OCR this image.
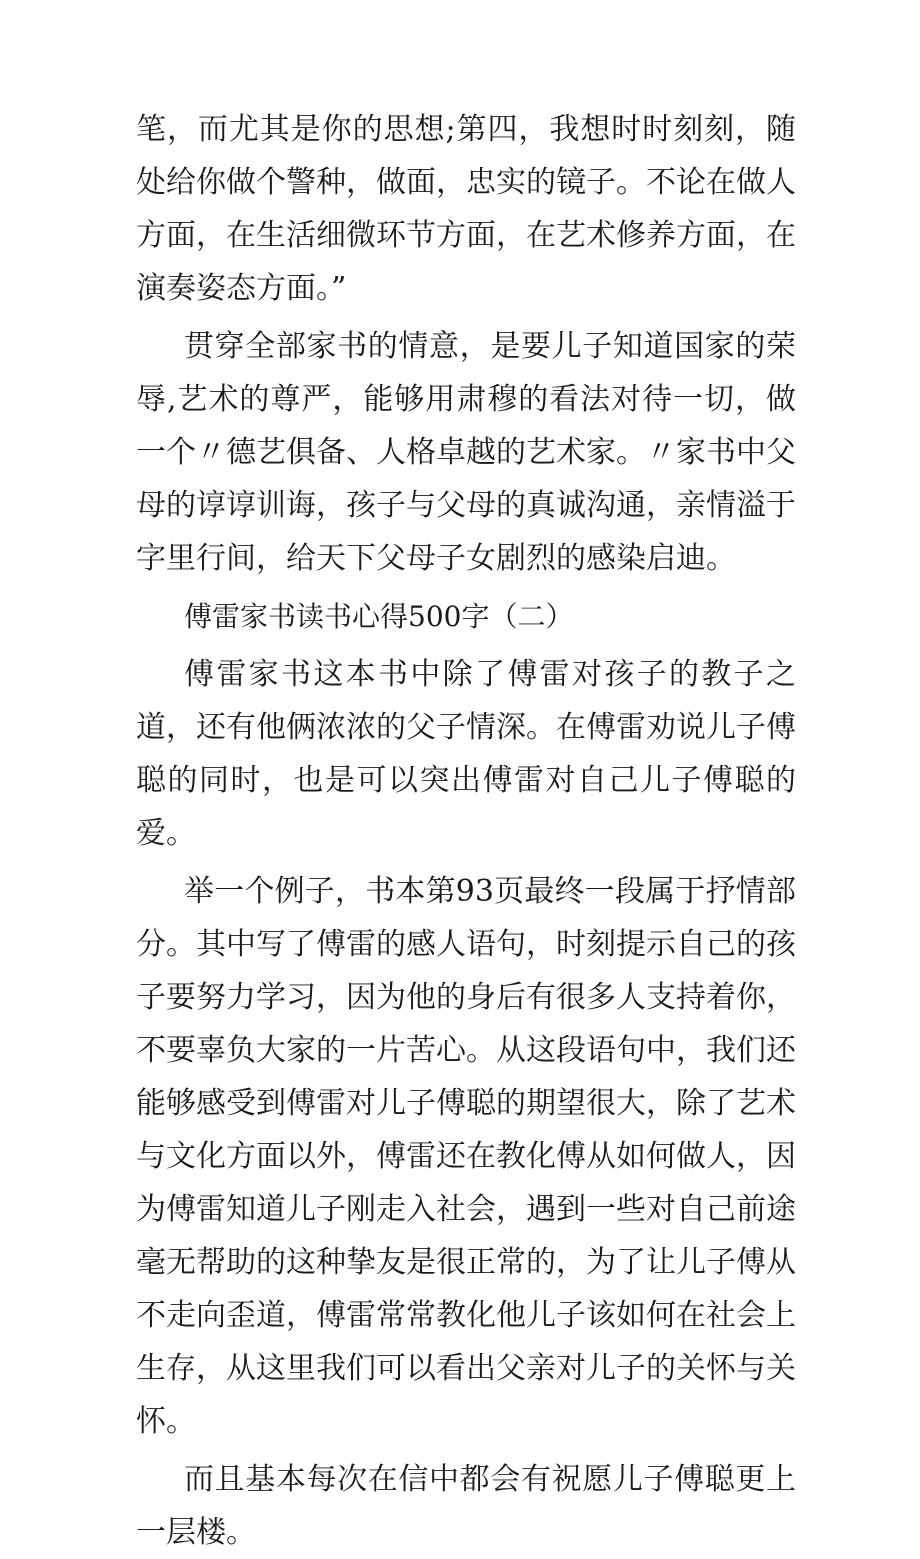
笔，而尤其是你的思想;第四，我想时时刻刻，随处给你做个警种，做面，忠实的镜子。不论在做人方面，在生活细微环节方面，在艺术修养方面，在演奏姿态方面。”

贯穿全部家书的情意，是要儿子知道国家的荣辱,艺术的尊严，能够用肃穆的看法对待一切，做一个〃德艺俱备、人格卓越的艺术家。〃家书中父母的谆谆训诲，孩子与父母的真诚沟通，亲情溢于字里行间，给天下父母子女剧烈的感染启迪。

傅雷家书读书心得500字（二）

傅雷家书这本书中除了傅雷对孩子的教子之道，还有他俩浓浓的父子情深。在傅雷劝说儿子傅聪的同时，也是可以突出傅雷对自己儿子傅聪的爱。

举一个例子，书本第93页最终一段属于抒情部分。其中写了傅雷的感人语句，时刻提示自己的孩子要努力学习，因为他的身后有很多人支持着你，不要辜负大家的一片苦心。从这段语句中，我们还能够感受到傅雷对儿子傅聪的期望很大，除了艺术与文化方面以外，傅雷还在教化傅从如何做人，因为傅雷知道儿子刚走入社会，遇到一些对自己前途毫无帮助的这种挚友是很正常的，为了让儿子傅从不走向歪道，傅雷常常教化他儿子该如何在社会上生存，从这里我们可以看出父亲对儿子的关怀与关怀。

而且基本每次在信中都会有祝愿儿子傅聪更上一层楼。
